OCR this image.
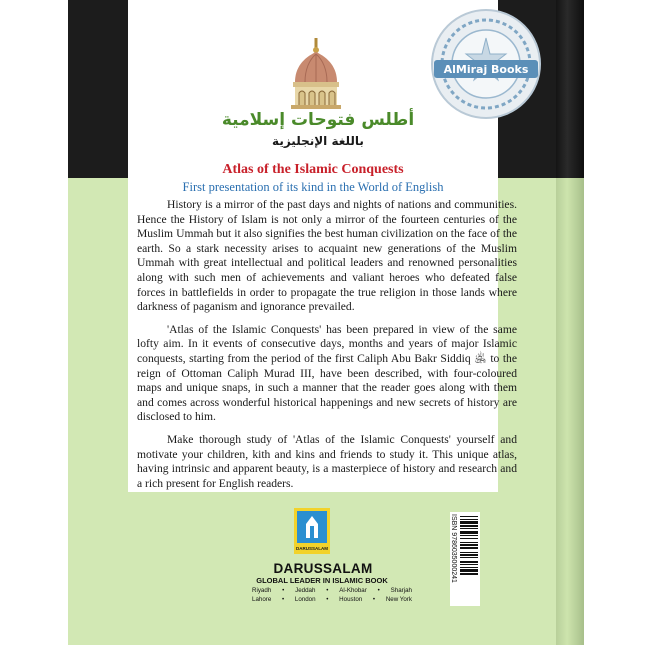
أطلس فتوحات إسلامية
باللغة الإنجليزية
Atlas of the Islamic Conquests
First presentation of its kind in the World of English

History is a mirror of the past days and nights of nations and communities. Hence the History of Islam is not only a mirror of the fourteen centuries of the Muslim Ummah but it also signifies the best human civilization on the face of the earth. So a stark necessity arises to acquaint new generations of the Muslim Ummah with great intellectual and political leaders and renowned personalities along with such men of achievements and valiant heroes who defeated false forces in battlefields in order to propagate the true religion in those lands where darkness of paganism and ignorance prevailed.

'Atlas of the Islamic Conquests' has been prepared in view of the same lofty aim. In it events of consecutive days, months and years of major Islamic conquests, starting from the period of the first Caliph Abu Bakr Siddiq ﵁ to the reign of Ottoman Caliph Murad III, have been described, with four-coloured maps and unique snaps, in such a manner that the reader goes along with them and comes across wonderful historical happenings and new secrets of history are disclosed to him.

Make thorough study of 'Atlas of the Islamic Conquests' yourself and motivate your children, kith and kins and friends to study it. This unique atlas, having intrinsic and apparent beauty, is a masterpiece of history and research and a rich present for English readers.

AlMiraj Books
DARUSSALAM
DARUSSALAM
GLOBAL LEADER IN ISLAMIC BOOK
Riyadh • Jeddah • Al-Khobar • Sharjah
Lahore • London • Houston • New York
ISBN 9786035000241
